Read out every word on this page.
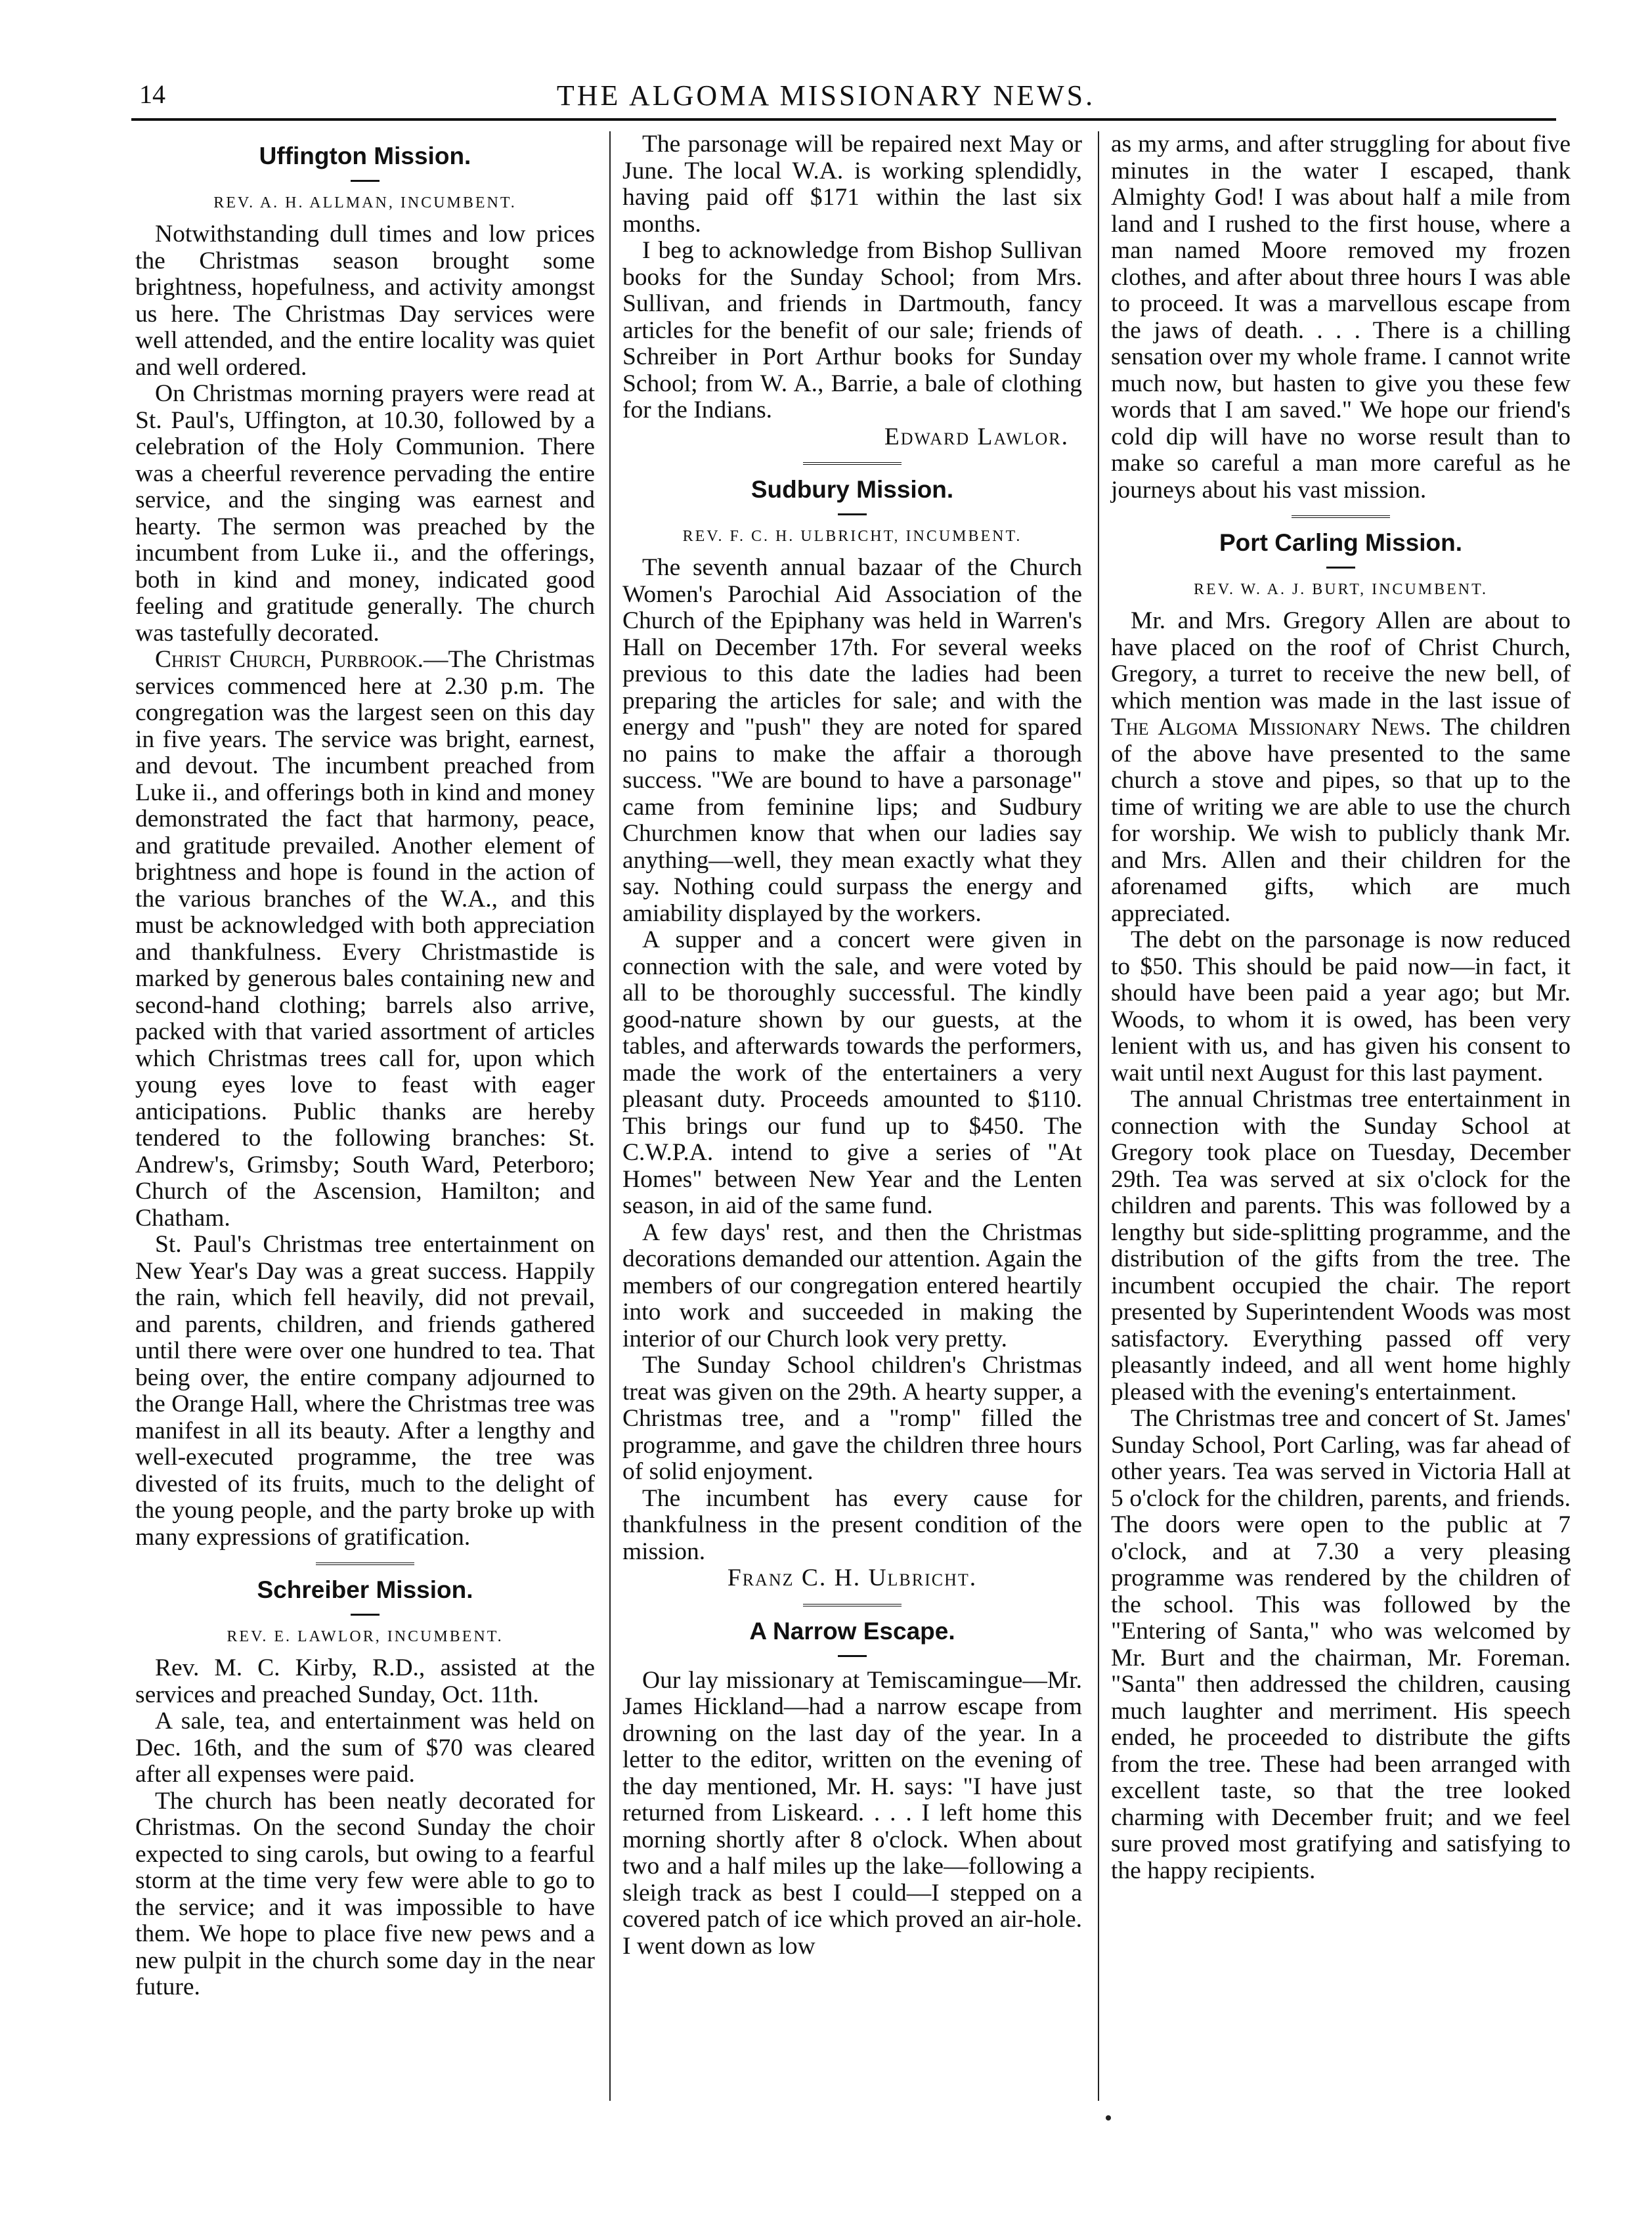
14	THE ALGOMA MISSIONARY NEWS.
Uffington Mission.
REV. A. H. ALLMAN, INCUMBENT.

Notwithstanding dull times and low prices the Christmas season brought some brightness, hopefulness, and activity amongst us here. The Christmas Day services were well attended, and the entire locality was quiet and well ordered.

On Christmas morning prayers were read at St. Paul's, Uffington, at 10.30, followed by a celebration of the Holy Communion. There was a cheerful reverence pervading the entire service, and the singing was earnest and hearty. The sermon was preached by the incumbent from Luke ii., and the offerings, both in kind and money, indicated good feeling and gratitude generally. The church was tastefully decorated.

Christ Church, Purbrook.—The Christmas services commenced here at 2.30 p.m. The congregation was the largest seen on this day in five years. The service was bright, earnest, and devout. The incumbent preached from Luke ii., and offerings both in kind and money demonstrated the fact that harmony, peace, and gratitude prevailed. Another element of brightness and hope is found in the action of the various branches of the W.A., and this must be acknowledged with both appreciation and thankfulness. Every Christmastide is marked by generous bales containing new and second-hand clothing; barrels also arrive, packed with that varied assortment of articles which Christmas trees call for, upon which young eyes love to feast with eager anticipations. Public thanks are hereby tendered to the following branches: St. Andrew's, Grimsby; South Ward, Peterboro; Church of the Ascension, Hamilton; and Chatham.

St. Paul's Christmas tree entertainment on New Year's Day was a great success. Happily the rain, which fell heavily, did not prevail, and parents, children, and friends gathered until there were over one hundred to tea. That being over, the entire company adjourned to the Orange Hall, where the Christmas tree was manifest in all its beauty. After a lengthy and well-executed programme, the tree was divested of its fruits, much to the delight of the young people, and the party broke up with many expressions of gratification.

Schreiber Mission.
REV. E. LAWLOR, INCUMBENT.

Rev. M. C. Kirby, R.D., assisted at the services and preached Sunday, Oct. 11th.

A sale, tea, and entertainment was held on Dec. 16th, and the sum of $70 was cleared after all expenses were paid.

The church has been neatly decorated for Christmas. On the second Sunday the choir expected to sing carols, but owing to a fearful storm at the time very few were able to go to the service; and it was impossible to have them. We hope to place five new pews and a new pulpit in the church some day in the near future.

The parsonage will be repaired next May or June. The local W.A. is working splendidly, having paid off $171 within the last six months.

I beg to acknowledge from Bishop Sullivan books for the Sunday School; from Mrs. Sullivan, and friends in Dartmouth, fancy articles for the benefit of our sale; friends of Schreiber in Port Arthur books for Sunday School; from W. A., Barrie, a bale of clothing for the Indians.

Edward Lawlor.

Sudbury Mission.
REV. F. C. H. ULBRICHT, INCUMBENT.

The seventh annual bazaar of the Church Women's Parochial Aid Association of the Church of the Epiphany was held in Warren's Hall on December 17th. For several weeks previous to this date the ladies had been preparing the articles for sale; and with the energy and "push" they are noted for spared no pains to make the affair a thorough success. "We are bound to have a parsonage" came from feminine lips; and Sudbury Churchmen know that when our ladies say anything—well, they mean exactly what they say. Nothing could surpass the energy and amiability displayed by the workers.

A supper and a concert were given in connection with the sale, and were voted by all to be thoroughly successful. The kindly good-nature shown by our guests, at the tables, and afterwards towards the performers, made the work of the entertainers a very pleasant duty. Proceeds amounted to $110. This brings our fund up to $450. The C.W.P.A. intend to give a series of "At Homes" between New Year and the Lenten season, in aid of the same fund.

A few days' rest, and then the Christmas decorations demanded our attention. Again the members of our congregation entered heartily into work and succeeded in making the interior of our Church look very pretty.

The Sunday School children's Christmas treat was given on the 29th. A hearty supper, a Christmas tree, and a "romp" filled the programme, and gave the children three hours of solid enjoyment.

The incumbent has every cause for thankfulness in the present condition of the mission.

Franz C. H. Ulbricht.

A Narrow Escape.

Our lay missionary at Temiscamingue—Mr. James Hickland—had a narrow escape from drowning on the last day of the year. In a letter to the editor, written on the evening of the day mentioned, Mr. H. says: "I have just returned from Liskeard. . . . I left home this morning shortly after 8 o'clock. When about two and a half miles up the lake—following a sleigh track as best I could—I stepped on a covered patch of ice which proved an air-hole. I went down as low

as my arms, and after struggling for about five minutes in the water I escaped, thank Almighty God! I was about half a mile from land and I rushed to the first house, where a man named Moore removed my frozen clothes, and after about three hours I was able to proceed. It was a marvellous escape from the jaws of death. . . . There is a chilling sensation over my whole frame. I cannot write much now, but hasten to give you these few words that I am saved." We hope our friend's cold dip will have no worse result than to make so careful a man more careful as he journeys about his vast mission.

Port Carling Mission.
REV. W. A. J. BURT, INCUMBENT.

Mr. and Mrs. Gregory Allen are about to have placed on the roof of Christ Church, Gregory, a turret to receive the new bell, of which mention was made in the last issue of The Algoma Missionary News. The children of the above have presented to the same church a stove and pipes, so that up to the time of writing we are able to use the church for worship. We wish to publicly thank Mr. and Mrs. Allen and their children for the aforenamed gifts, which are much appreciated.

The debt on the parsonage is now reduced to $50. This should be paid now—in fact, it should have been paid a year ago; but Mr. Woods, to whom it is owed, has been very lenient with us, and has given his consent to wait until next August for this last payment.

The annual Christmas tree entertainment in connection with the Sunday School at Gregory took place on Tuesday, December 29th. Tea was served at six o'clock for the children and parents. This was followed by a lengthy but side-splitting programme, and the distribution of the gifts from the tree. The incumbent occupied the chair. The report presented by Superintendent Woods was most satisfactory. Everything passed off very pleasantly indeed, and all went home highly pleased with the evening's entertainment.

The Christmas tree and concert of St. James' Sunday School, Port Carling, was far ahead of other years. Tea was served in Victoria Hall at 5 o'clock for the children, parents, and friends. The doors were open to the public at 7 o'clock, and at 7.30 a very pleasing programme was rendered by the children of the school. This was followed by the "Entering of Santa," who was welcomed by Mr. Burt and the chairman, Mr. Foreman. "Santa" then addressed the children, causing much laughter and merriment. His speech ended, he proceeded to distribute the gifts from the tree. These had been arranged with excellent taste, so that the tree looked charming with December fruit; and we feel sure proved most gratifying and satisfying to the happy recipients.
